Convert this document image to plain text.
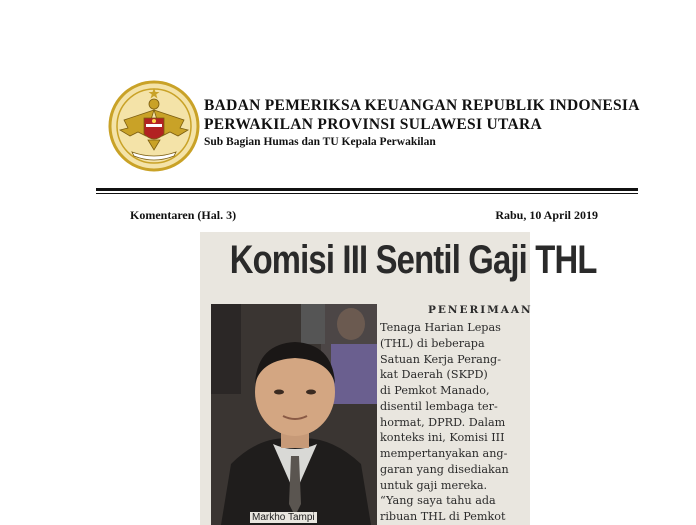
BADAN PEMERIKSA KEUANGAN REPUBLIK INDONESIA
PERWAKILAN PROVINSI SULAWESI UTARA
Sub Bagian Humas dan TU Kepala Perwakilan
Komentaren (Hal. 3)	Rabu, 10 April 2019
Komisi III Sentil Gaji THL
Markho Tampi
PENERIMAAN
Tenaga Harian Lepas
(THL) di beberapa
Satuan Kerja Perang-
kat Daerah (SKPD)
di Pemkot Manado,
disentil lembaga ter-
hormat, DPRD. Dalam
konteks ini, Komisi III
mempertanyakan ang-
garan yang disediakan
untuk gaji mereka.
“Yang saya tahu ada
ribuan THL di Pemkot
